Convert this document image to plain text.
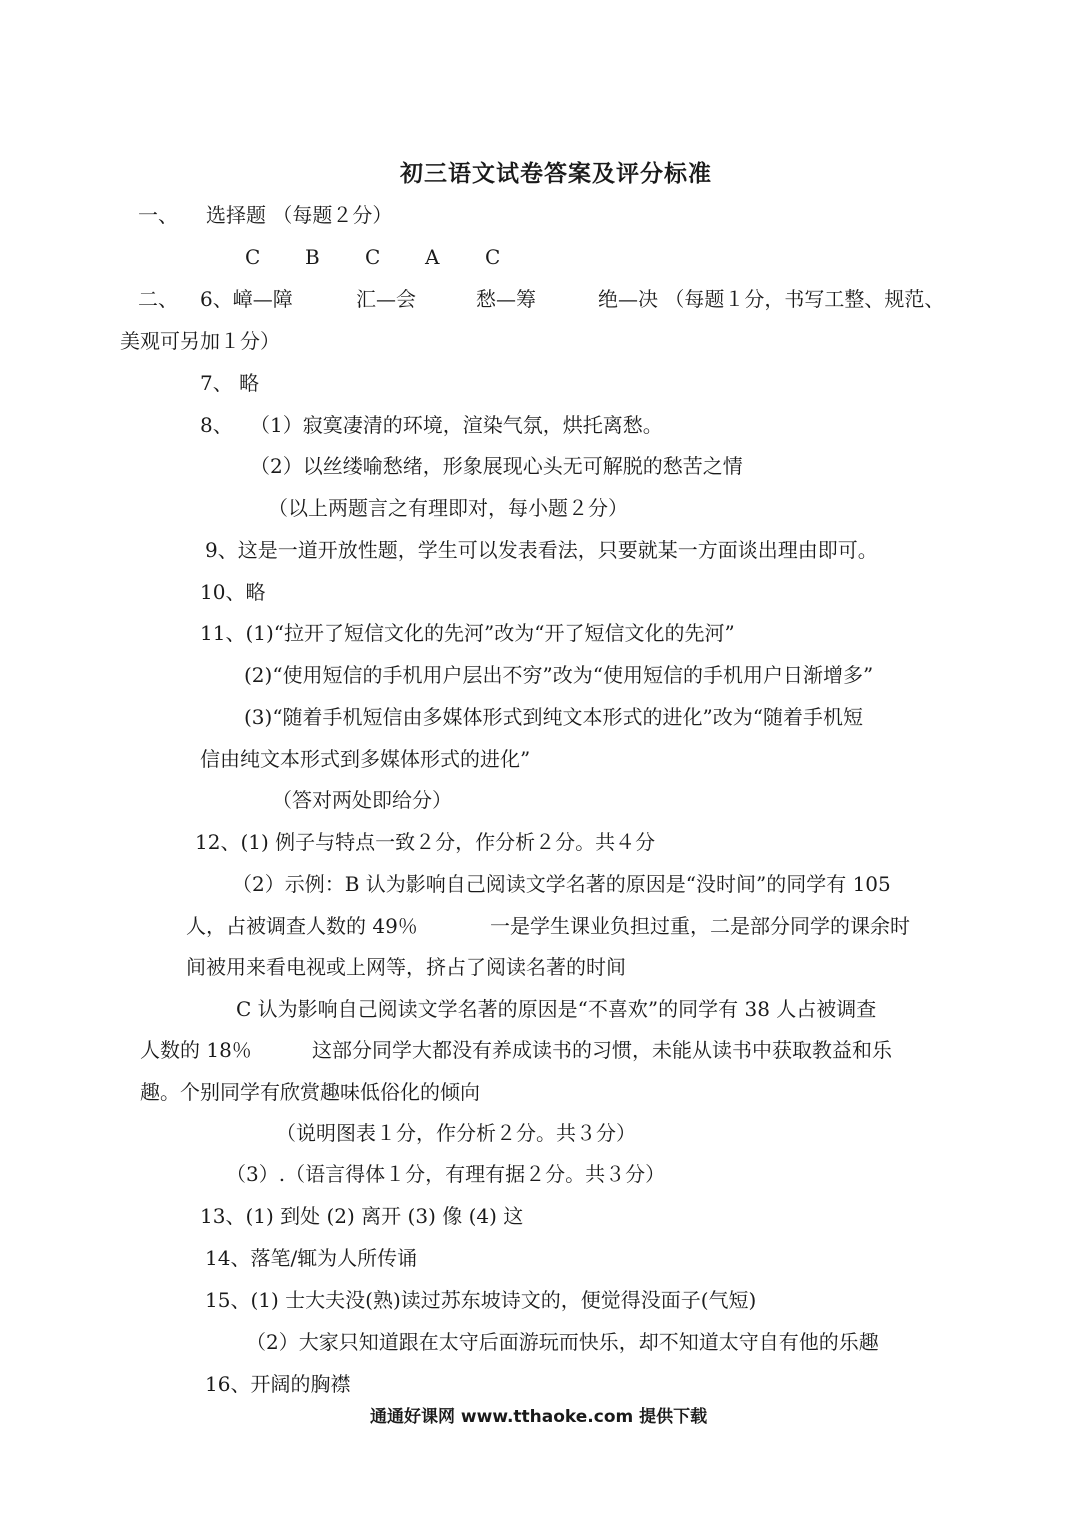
初三语文试卷答案及评分标准
一、 选择题 （每题２分）
C B C A C
二、 6、嶂—障	汇—会	愁—筹	绝—决 （每题１分，书写工整、规范、
美观可另加１分）
7、 略
8、 （1）寂寞凄清的环境，渲染气氛，烘托离愁。
（2）以丝缕喻愁绪，形象展现心头无可解脱的愁苦之情
（以上两题言之有理即对，每小题２分）
9、这是一道开放性题，学生可以发表看法，只要就某一方面谈出理由即可。
10、略
11、(1)“拉开了短信文化的先河”改为“开了短信文化的先河”
(2)“使用短信的手机用户层出不穷”改为“使用短信的手机用户日渐增多”
(3)“随着手机短信由多媒体形式到纯文本形式的进化”改为“随着手机短
信由纯文本形式到多媒体形式的进化”
（答对两处即给分）
12、(1) 例子与特点一致２分，作分析２分。共４分
（2）示例：B 认为影响自己阅读文学名著的原因是“没时间”的同学有 105
人，占被调查人数的 49％	一是学生课业负担过重，二是部分同学的课余时
间被用来看电视或上网等，挤占了阅读名著的时间
C 认为影响自己阅读文学名著的原因是“不喜欢”的同学有 38 人占被调查
人数的 18％	这部分同学大都没有养成读书的习惯，未能从读书中获取教益和乐
趣。个别同学有欣赏趣味低俗化的倾向
（说明图表１分，作分析２分。共３分）
（3）.（语言得体１分，有理有据２分。共３分）
13、(1) 到处 (2) 离开 (3) 像 (4) 这
14、落笔/辄为人所传诵
15、(1) 士大夫没(熟)读过苏东坡诗文的，便觉得没面子(气短)
（2）大家只知道跟在太守后面游玩而快乐，却不知道太守自有他的乐趣
16、开阔的胸襟
通通好课网 www.tthaoke.com 提供下载
